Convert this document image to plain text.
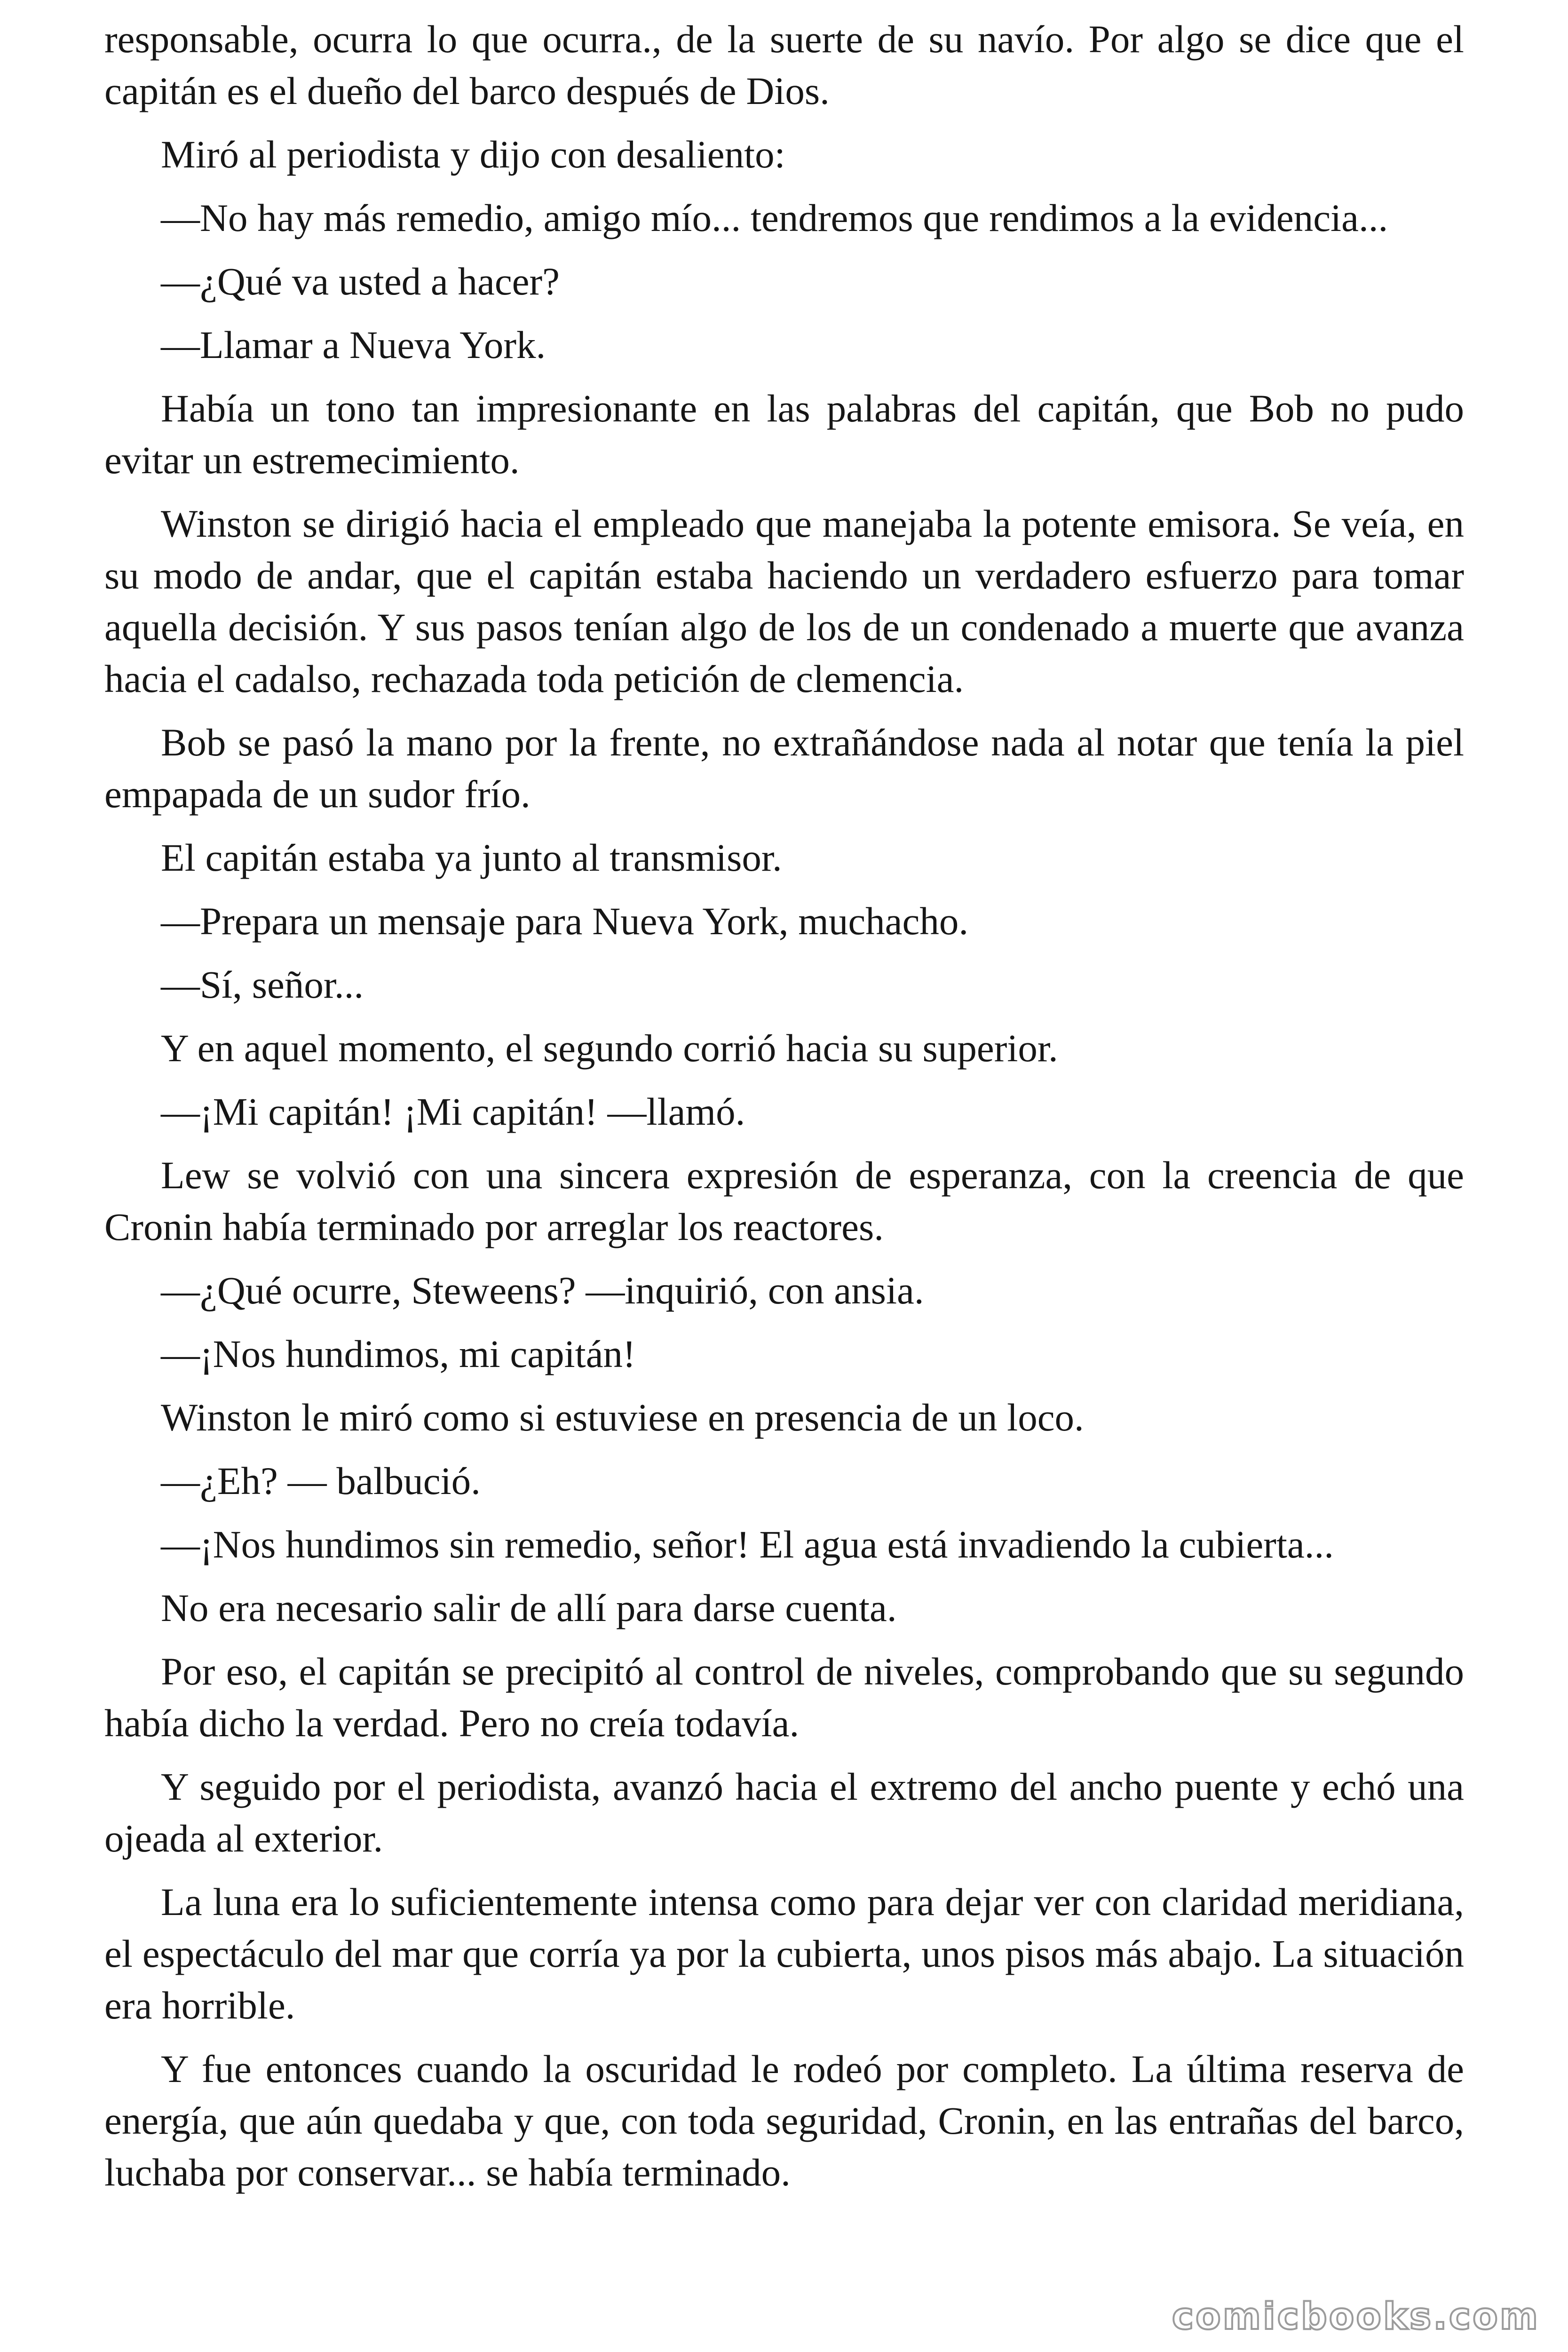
responsable, ocurra lo que ocurra., de la suerte de su navío. Por algo se dice que el capitán es el dueño del barco después de Dios.

Miró al periodista y dijo con desaliento:

—No hay más remedio, amigo mío... tendremos que rendimos a la evidencia...

—¿Qué va usted a hacer?

—Llamar a Nueva York.

Había un tono tan impresionante en las palabras del capitán, que Bob no pudo evitar un estremecimiento.

Winston se dirigió hacia el empleado que manejaba la potente emisora. Se veía, en su modo de andar, que el capitán estaba haciendo un verdadero esfuerzo para tomar aquella decisión. Y sus pasos tenían algo de los de un condenado a muerte que avanza hacia el cadalso, rechazada toda petición de clemencia.

Bob se pasó la mano por la frente, no extrañándose nada al notar que tenía la piel empapada de un sudor frío.

El capitán estaba ya junto al transmisor.

—Prepara un mensaje para Nueva York, muchacho.

—Sí, señor...

Y en aquel momento, el segundo corrió hacia su superior.

—¡Mi capitán! ¡Mi capitán! —llamó.

Lew se volvió con una sincera expresión de esperanza, con la creencia de que Cronin había terminado por arreglar los reactores.

—¿Qué ocurre, Steweens? —inquirió, con ansia.

—¡Nos hundimos, mi capitán!

Winston le miró como si estuviese en presencia de un loco.

—¿Eh? — balbució.

—¡Nos hundimos sin remedio, señor! El agua está invadiendo la cubierta...

No era necesario salir de allí para darse cuenta.

Por eso, el capitán se precipitó al control de niveles, comprobando que su segundo había dicho la verdad. Pero no creía todavía.

Y seguido por el periodista, avanzó hacia el extremo del ancho puente y echó una ojeada al exterior.

La luna era lo suficientemente intensa como para dejar ver con claridad meridiana, el espectáculo del mar que corría ya por la cubierta, unos pisos más abajo. La situación era horrible.

Y fue entonces cuando la oscuridad le rodeó por completo. La última reserva de energía, que aún quedaba y que, con toda seguridad, Cronin, en las entrañas del barco, luchaba por conservar... se había terminado.

comicbooks.com
